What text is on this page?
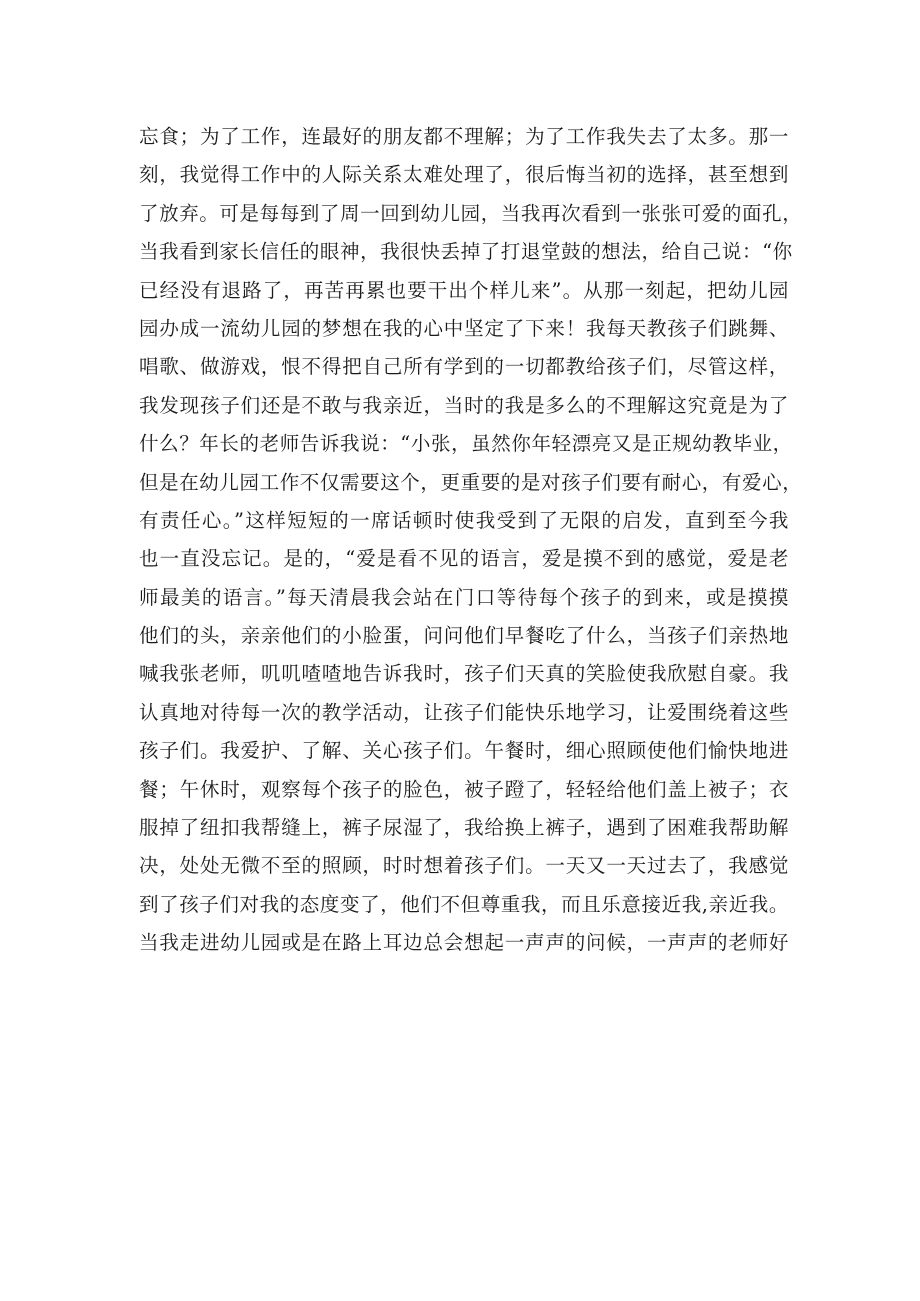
忘食；为了工作，连最好的朋友都不理解；为了工作我失去了太多。那一
刻，我觉得工作中的人际关系太难处理了，很后悔当初的选择，甚至想到
了放弃。可是每每到了周一回到幼儿园，当我再次看到一张张可爱的面孔，
当我看到家长信任的眼神，我很快丢掉了打退堂鼓的想法，给自己说：“你
已经没有退路了，再苦再累也要干出个样儿来”。从那一刻起，把幼儿园
园办成一流幼儿园的梦想在我的心中坚定了下来！我每天教孩子们跳舞、
唱歌、做游戏，恨不得把自己所有学到的一切都教给孩子们，尽管这样，
我发现孩子们还是不敢与我亲近，当时的我是多么的不理解这究竟是为了
什么？年长的老师告诉我说：“小张，虽然你年轻漂亮又是正规幼教毕业，
但是在幼儿园工作不仅需要这个，更重要的是对孩子们要有耐心，有爱心，
有责任心。”这样短短的一席话顿时使我受到了无限的启发，直到至今我
也一直没忘记。是的，“爱是看不见的语言，爱是摸不到的感觉，爱是老
师最美的语言。”每天清晨我会站在门口等待每个孩子的到来，或是摸摸
他们的头，亲亲他们的小脸蛋，问问他们早餐吃了什么，当孩子们亲热地
喊我张老师，叽叽喳喳地告诉我时，孩子们天真的笑脸使我欣慰自豪。我
认真地对待每一次的教学活动，让孩子们能快乐地学习，让爱围绕着这些
孩子们。我爱护、了解、关心孩子们。午餐时，细心照顾使他们愉快地进
餐；午休时，观察每个孩子的脸色，被子蹬了，轻轻给他们盖上被子；衣
服掉了纽扣我帮缝上，裤子尿湿了，我给换上裤子，遇到了困难我帮助解
决，处处无微不至的照顾，时时想着孩子们。一天又一天过去了，我感觉
到了孩子们对我的态度变了，他们不但尊重我，而且乐意接近我,亲近我。
当我走进幼儿园或是在路上耳边总会想起一声声的问候，一声声的老师好
